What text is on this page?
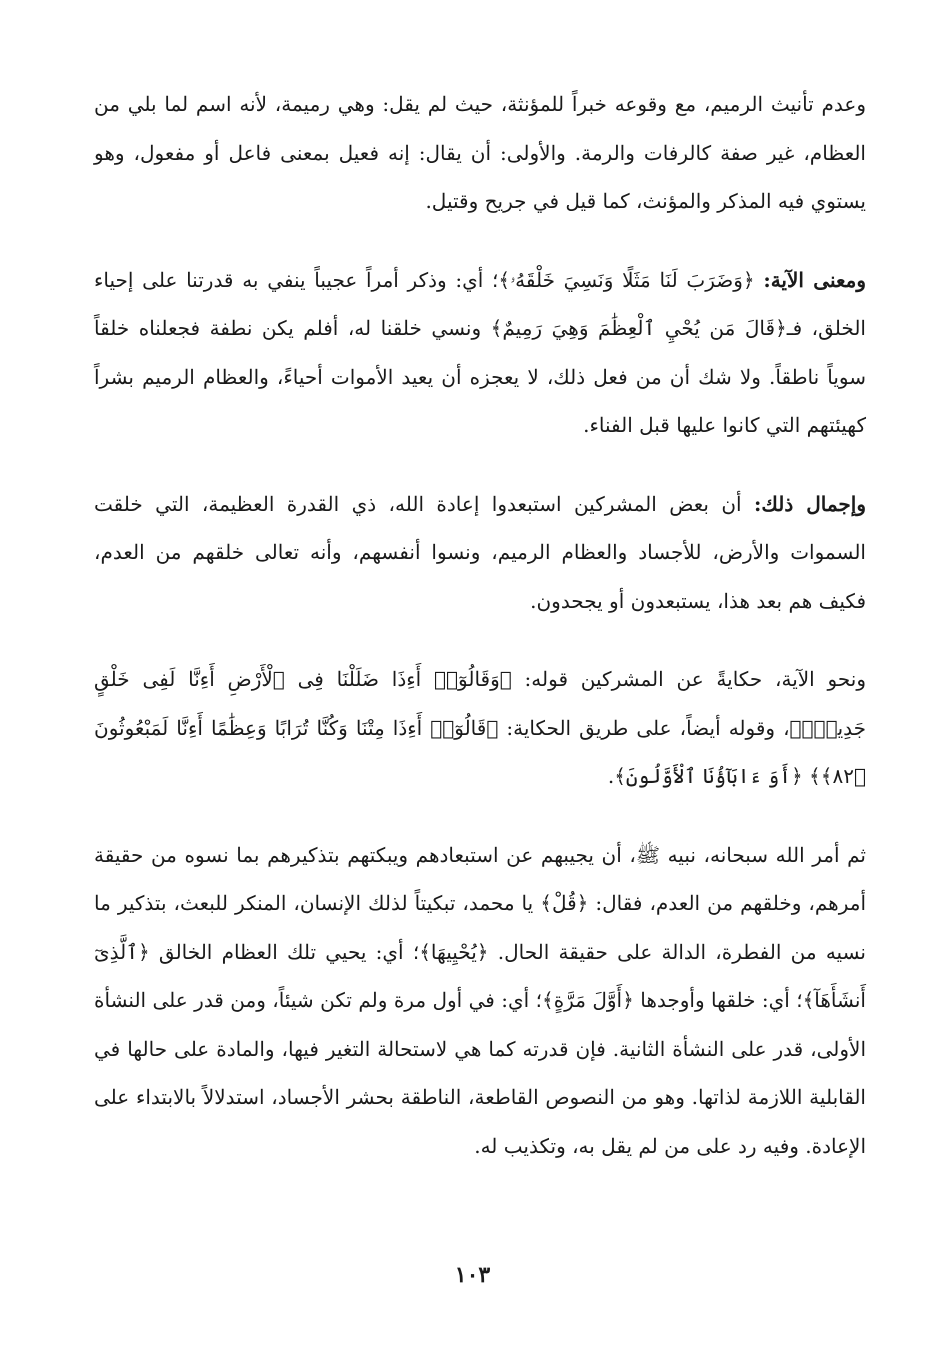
وعدم تأنيث الرميم، مع وقوعه خبراً للمؤنثة، حيث لم يقل: وهي رميمة، لأنه اسم لما بلي من العظام، غير صفة كالرفات والرمة. والأولى: أن يقال: إنه فعيل بمعنى فاعل أو مفعول، وهو يستوي فيه المذكر والمؤنث، كما قيل في جريح وقتيل.

ومعنى الآية: ﴿وَضَرَبَ لَنَا مَثَلًا وَنَسِيَ خَلْقَهُۥ﴾؛ أي: وذكر أمراً عجيباً ينفي به قدرتنا على إحياء الخلق، فـ﴿قَالَ مَن يُحْيِ ٱلْعِظَٰمَ وَهِيَ رَمِيمٌ﴾ ونسي خلقنا له، أفلم يكن نطفة فجعلناه خلقاً سوياً ناطقاً. ولا شك أن من فعل ذلك، لا يعجزه أن يعيد الأموات أحياءً، والعظام الرميم بشراً كهيئتهم التي كانوا عليها قبل الفناء.

وإجمال ذلك: أن بعض المشركين استبعدوا إعادة الله، ذي القدرة العظيمة، التي خلقت السموات والأرض، للأجساد والعظام الرميم، ونسوا أنفسهم، وأنه تعالى خلقهم من العدم، فكيف هم بعد هذا، يستبعدون أو يجحدون.

ونحو الآية، حكايةً عن المشركين قوله: ﴿وَقَالُوٓا۟ أَءِذَا ضَلَلْنَا فِى ٱلْأَرْضِ أَءِنَّا لَفِى خَلْقٍ جَدِيدٍۭ﴾، وقوله أيضاً، على طريق الحكاية: ﴿قَالُوٓا۟ أَءِذَا مِتْنَا وَكُنَّا تُرَابًا وَعِظَٰمًا أَءِنَّا لَمَبْعُوثُونَ ﴿٨٢﴾﴾ ﴿أَوَ ءَابَآؤُنَا ٱلْأَوَّلُونَ﴾.

ثم أمر الله سبحانه، نبيه ﷺ، أن يجيبهم عن استبعادهم ويبكتهم بتذكيرهم بما نسوه من حقيقة أمرهم، وخلقهم من العدم، فقال: ﴿قُلْ﴾ يا محمد، تبكيتاً لذلك الإنسان، المنكر للبعث، بتذكير ما نسيه من الفطرة، الدالة على حقيقة الحال. ﴿يُحْيِيهَا﴾؛ أي: يحيي تلك العظام الخالق ﴿ٱلَّذِىٓ أَنشَأَهَآ﴾؛ أي: خلقها وأوجدها ﴿أَوَّلَ مَرَّةٍ﴾؛ أي: في أول مرة ولم تكن شيئاً، ومن قدر على النشأة الأولى، قدر على النشأة الثانية. فإن قدرته كما هي لاستحالة التغير فيها، والمادة على حالها في القابلية اللازمة لذاتها. وهو من النصوص القاطعة، الناطقة بحشر الأجساد، استدلالاً بالابتداء على الإعادة. وفيه رد على من لم يقل به، وتكذيب له.

١٠٣
